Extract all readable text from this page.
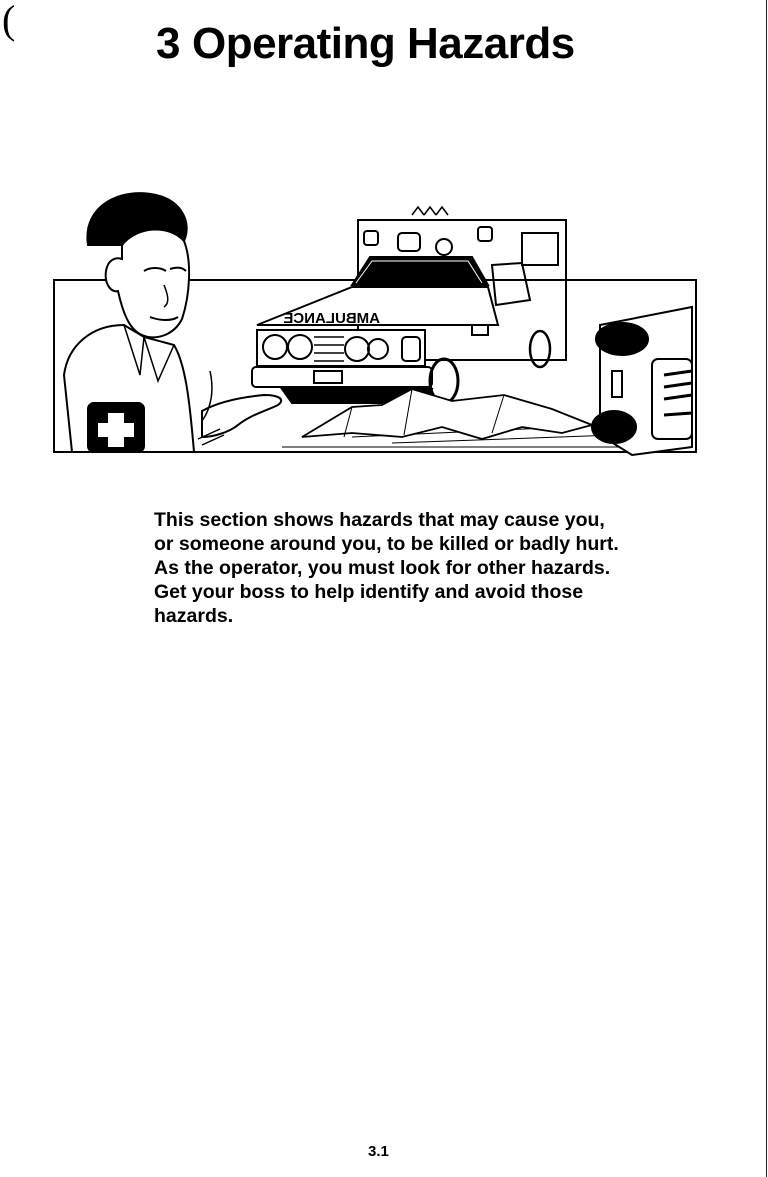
(	3 Operating Hazards
AMBULANCE

This section shows hazards that may cause you, or someone around you, to be killed or badly hurt. As the operator, you must look for other hazards. Get your boss to help identify and avoid those hazards.

3.1
